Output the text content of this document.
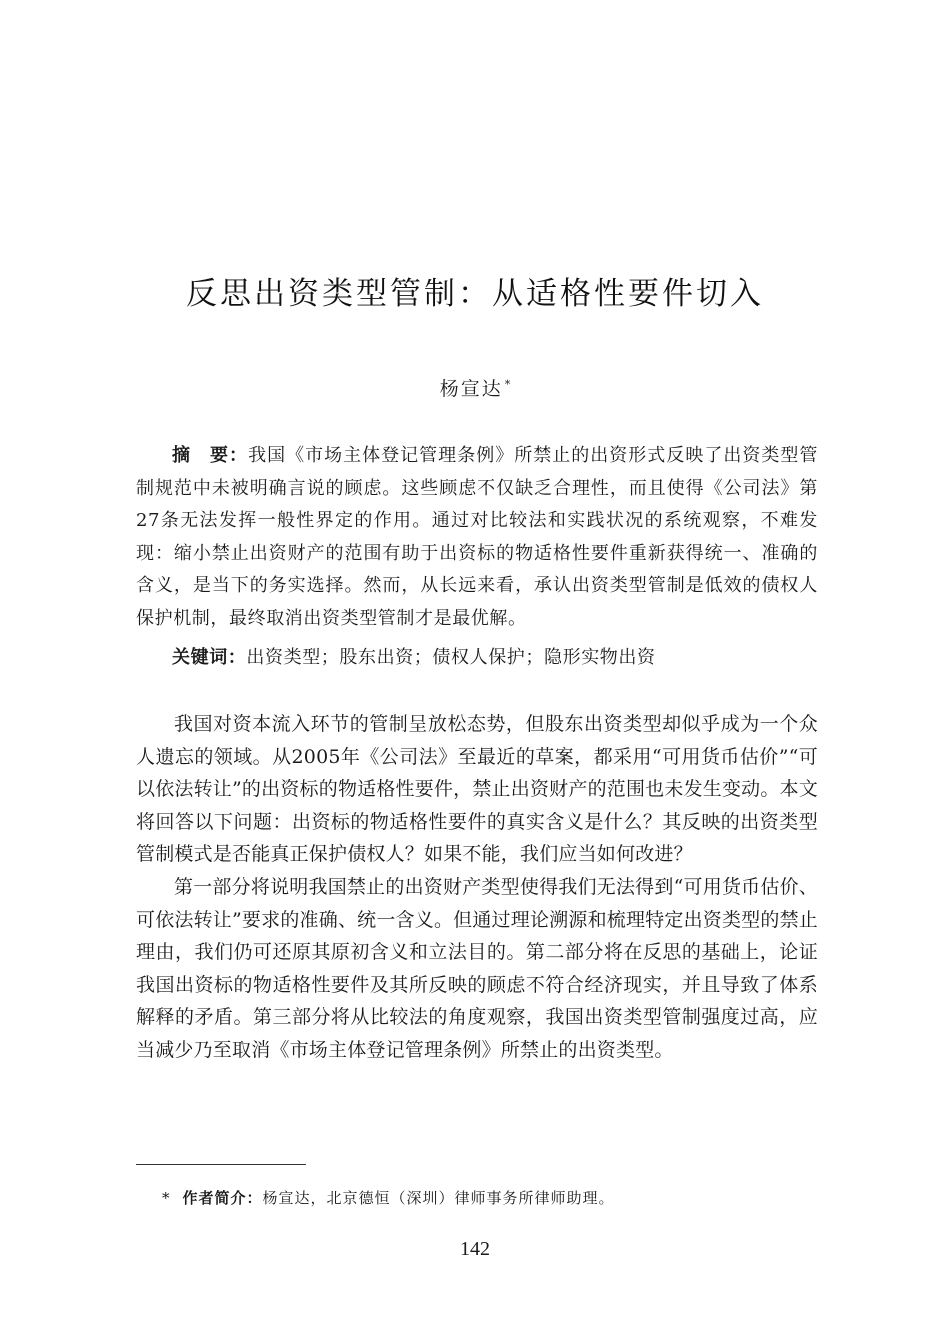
反思出资类型管制：从适格性要件切入
杨宣达 *

摘　要：我国《市场主体登记管理条例》所禁止的出资形式反映了出资类型管制规范中未被明确言说的顾虑。这些顾虑不仅缺乏合理性，而且使得《公司法》第27条无法发挥一般性界定的作用。通过对比较法和实践状况的系统观察，不难发现：缩小禁止出资财产的范围有助于出资标的物适格性要件重新获得统一、准确的含义，是当下的务实选择。然而，从长远来看，承认出资类型管制是低效的债权人保护机制，最终取消出资类型管制才是最优解。

关键词：出资类型；股东出资；债权人保护；隐形实物出资

我国对资本流入环节的管制呈放松态势，但股东出资类型却似乎成为一个众人遗忘的领域。从2005年《公司法》至最近的草案，都采用“可用货币估价”“可以依法转让”的出资标的物适格性要件，禁止出资财产的范围也未发生变动。本文将回答以下问题：出资标的物适格性要件的真实含义是什么？其反映的出资类型管制模式是否能真正保护债权人？如果不能，我们应当如何改进？

第一部分将说明我国禁止的出资财产类型使得我们无法得到“可用货币估价、可依法转让”要求的准确、统一含义。但通过理论溯源和梳理特定出资类型的禁止理由，我们仍可还原其原初含义和立法目的。第二部分将在反思的基础上，论证我国出资标的物适格性要件及其所反映的顾虑不符合经济现实，并且导致了体系解释的矛盾。第三部分将从比较法的角度观察，我国出资类型管制强度过高，应当减少乃至取消《市场主体登记管理条例》所禁止的出资类型。

* 作者简介：杨宣达，北京德恒（深圳）律师事务所律师助理。
142
